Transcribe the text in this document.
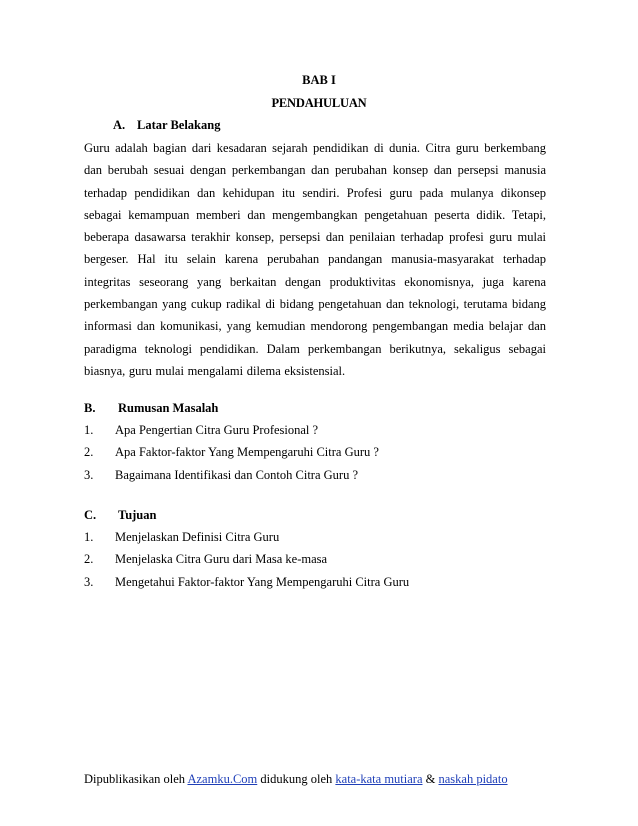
BAB I
PENDAHULUAN
A. Latar Belakang
Guru adalah bagian dari kesadaran sejarah pendidikan di dunia. Citra guru berkembang dan berubah sesuai dengan perkembangan dan perubahan konsep dan persepsi manusia terhadap pendidikan dan kehidupan itu sendiri. Profesi guru pada mulanya dikonsep sebagai kemampuan memberi dan mengembangkan pengetahuan peserta didik. Tetapi, beberapa dasawarsa terakhir konsep, persepsi dan penilaian terhadap profesi guru mulai bergeser. Hal itu selain karena perubahan pandangan manusia-masyarakat terhadap integritas seseorang yang berkaitan dengan produktivitas ekonomisnya, juga karena perkembangan yang cukup radikal di bidang pengetahuan dan teknologi, terutama bidang informasi dan komunikasi, yang kemudian mendorong pengembangan media belajar dan paradigma teknologi pendidikan. Dalam perkembangan berikutnya, sekaligus sebagai biasnya, guru mulai mengalami dilema eksistensial.
B. Rumusan Masalah
1. Apa Pengertian Citra Guru Profesional ?
2. Apa Faktor-faktor Yang Mempengaruhi Citra Guru ?
3. Bagaimana Identifikasi dan Contoh Citra Guru ?
C. Tujuan
1. Menjelaskan Definisi Citra Guru
2. Menjelaska Citra Guru dari Masa ke-masa
3. Mengetahui Faktor-faktor Yang Mempengaruhi Citra Guru
Dipublikasikan oleh Azamku.Com didukung oleh kata-kata mutiara & naskah pidato
